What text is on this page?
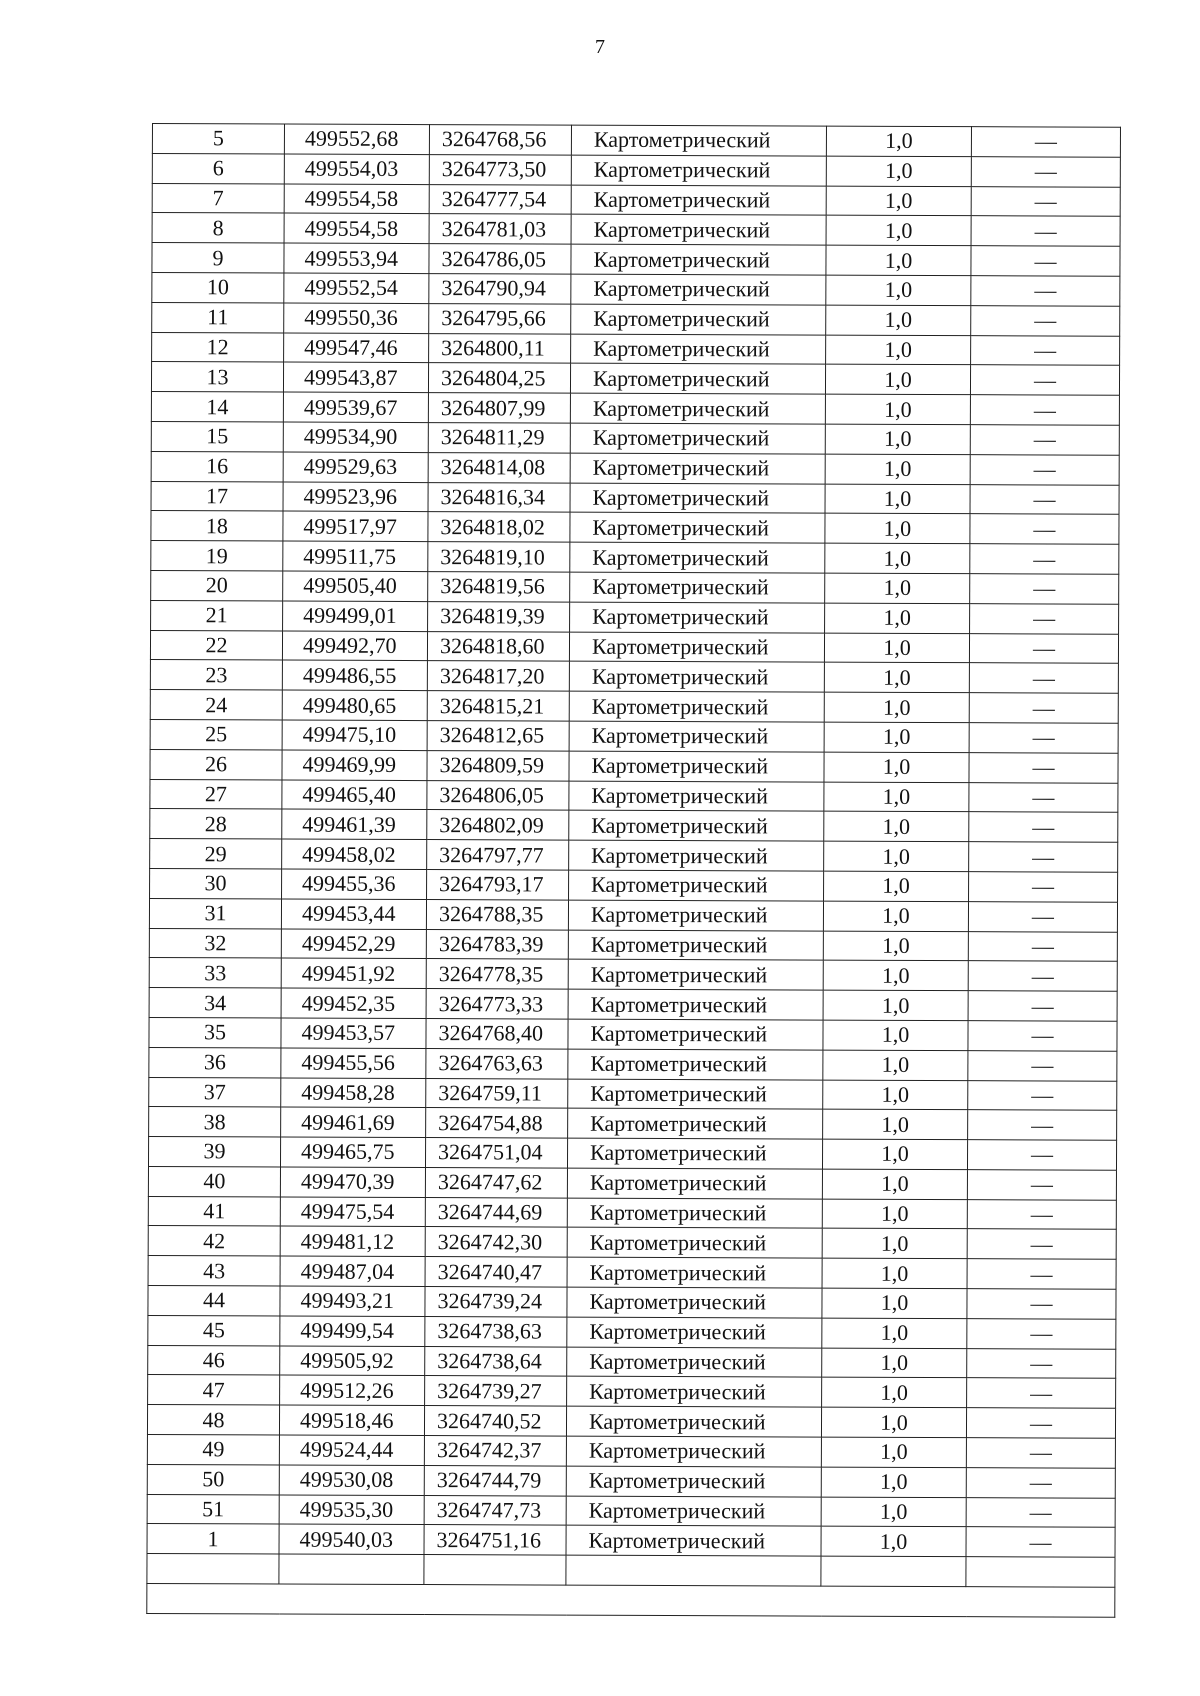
7
5	499552,68	3264768,56	Картометрический	1,0	—
6	499554,03	3264773,50	Картометрический	1,0	—
7	499554,58	3264777,54	Картометрический	1,0	—
8	499554,58	3264781,03	Картометрический	1,0	—
9	499553,94	3264786,05	Картометрический	1,0	—
10	499552,54	3264790,94	Картометрический	1,0	—
11	499550,36	3264795,66	Картометрический	1,0	—
12	499547,46	3264800,11	Картометрический	1,0	—
13	499543,87	3264804,25	Картометрический	1,0	—
14	499539,67	3264807,99	Картометрический	1,0	—
15	499534,90	3264811,29	Картометрический	1,0	—
16	499529,63	3264814,08	Картометрический	1,0	—
17	499523,96	3264816,34	Картометрический	1,0	—
18	499517,97	3264818,02	Картометрический	1,0	—
19	499511,75	3264819,10	Картометрический	1,0	—
20	499505,40	3264819,56	Картометрический	1,0	—
21	499499,01	3264819,39	Картометрический	1,0	—
22	499492,70	3264818,60	Картометрический	1,0	—
23	499486,55	3264817,20	Картометрический	1,0	—
24	499480,65	3264815,21	Картометрический	1,0	—
25	499475,10	3264812,65	Картометрический	1,0	—
26	499469,99	3264809,59	Картометрический	1,0	—
27	499465,40	3264806,05	Картометрический	1,0	—
28	499461,39	3264802,09	Картометрический	1,0	—
29	499458,02	3264797,77	Картометрический	1,0	—
30	499455,36	3264793,17	Картометрический	1,0	—
31	499453,44	3264788,35	Картометрический	1,0	—
32	499452,29	3264783,39	Картометрический	1,0	—
33	499451,92	3264778,35	Картометрический	1,0	—
34	499452,35	3264773,33	Картометрический	1,0	—
35	499453,57	3264768,40	Картометрический	1,0	—
36	499455,56	3264763,63	Картометрический	1,0	—
37	499458,28	3264759,11	Картометрический	1,0	—
38	499461,69	3264754,88	Картометрический	1,0	—
39	499465,75	3264751,04	Картометрический	1,0	—
40	499470,39	3264747,62	Картометрический	1,0	—
41	499475,54	3264744,69	Картометрический	1,0	—
42	499481,12	3264742,30	Картометрический	1,0	—
43	499487,04	3264740,47	Картометрический	1,0	—
44	499493,21	3264739,24	Картометрический	1,0	—
45	499499,54	3264738,63	Картометрический	1,0	—
46	499505,92	3264738,64	Картометрический	1,0	—
47	499512,26	3264739,27	Картометрический	1,0	—
48	499518,46	3264740,52	Картометрический	1,0	—
49	499524,44	3264742,37	Картометрический	1,0	—
50	499530,08	3264744,79	Картометрический	1,0	—
51	499535,30	3264747,73	Картометрический	1,0	—
1	499540,03	3264751,16	Картометрический	1,0	—
